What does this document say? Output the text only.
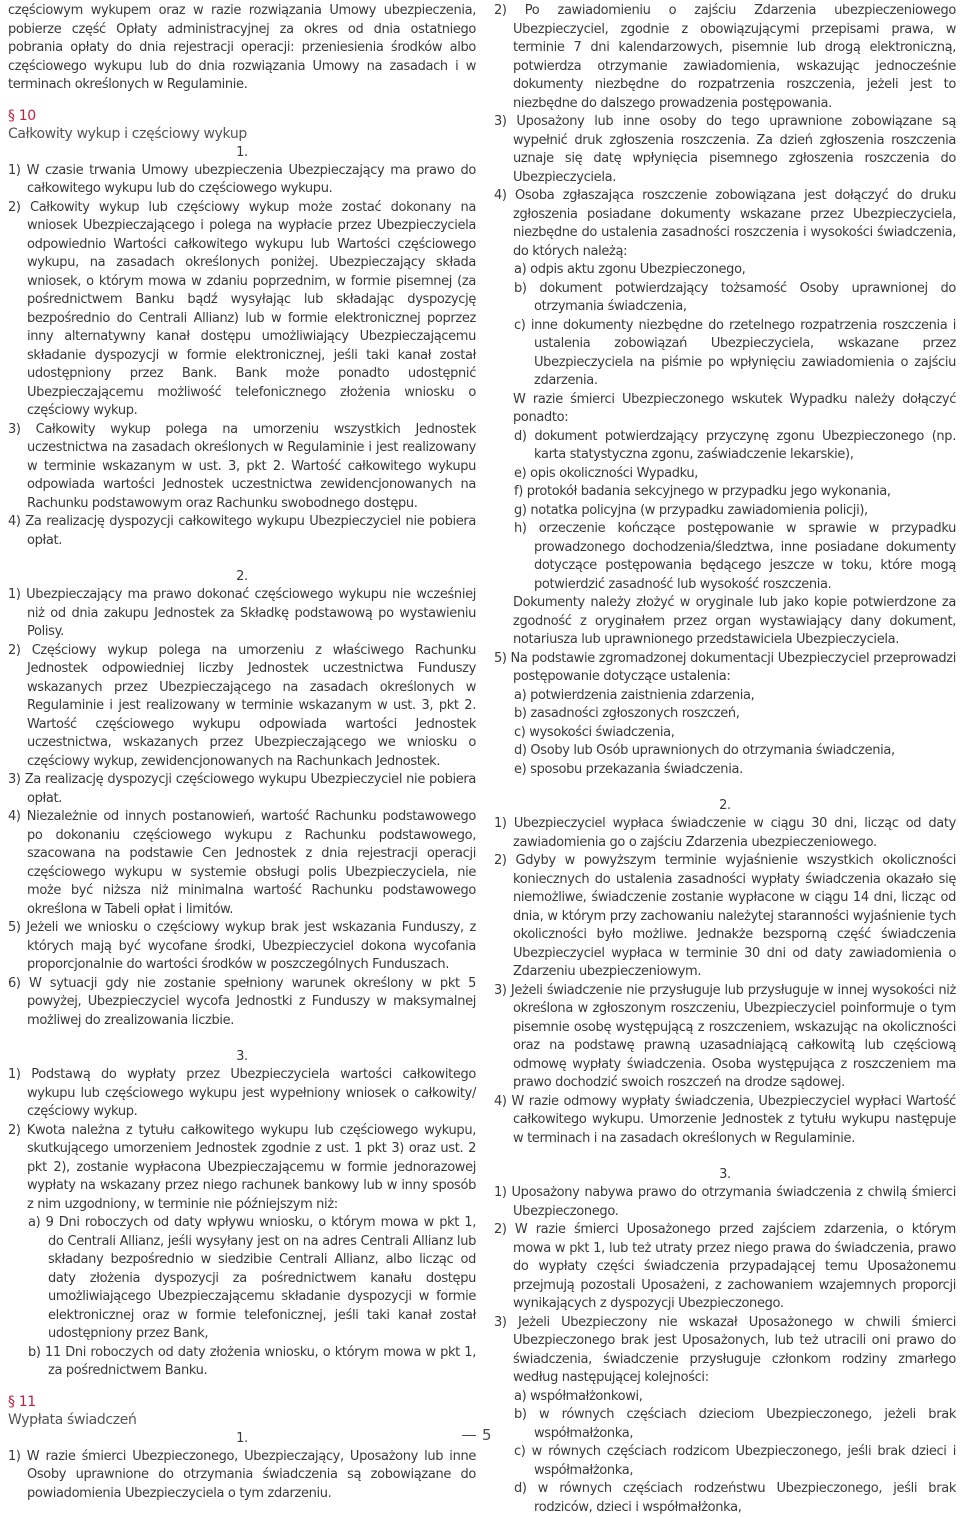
częściowym wykupem oraz w razie rozwiązania Umowy ubezpieczenia, pobierze część Opłaty administracyjnej za okres od dnia ostatniego pobrania opłaty do dnia rejestracji operacji: przeniesienia środków albo częściowego wykupu lub do dnia rozwiązania Umowy na zasadach i w terminach określonych w Regulaminie.

§ 10

Całkowity wykup i częściowy wykup

1.

1) W czasie trwania Umowy ubezpieczenia Ubezpieczający ma prawo do całkowitego wykupu lub do częściowego wykupu.

2) Całkowity wykup lub częściowy wykup może zostać dokonany na wniosek Ubezpieczającego i polega na wypłacie przez Ubezpieczyciela odpowiednio Wartości całkowitego wykupu lub Wartości częściowego wykupu, na zasadach określonych poniżej. Ubezpieczający składa wniosek, o którym mowa w zdaniu poprzednim, w formie pisemnej (za pośrednictwem Banku bądź wysyłając lub składając dyspozycję bezpośrednio do Centrali Allianz) lub w formie elektronicznej poprzez inny alternatywny kanał dostępu umożliwiający Ubezpieczającemu składanie dyspozycji w formie elektronicznej, jeśli taki kanał został udostępniony przez Bank. Bank może ponadto udostępnić Ubezpieczającemu możliwość telefonicznego złożenia wniosku o częściowy wykup.

3) Całkowity wykup polega na umorzeniu wszystkich Jednostek uczestnictwa na zasadach określonych w Regulaminie i jest realizowany w terminie wskazanym w ust. 3, pkt 2. Wartość całkowitego wykupu odpowiada wartości Jednostek uczestnictwa zewidencjonowanych na Rachunku podstawowym oraz Rachunku swobodnego dostępu.

4) Za realizację dyspozycji całkowitego wykupu Ubezpieczyciel nie pobiera opłat.

2.

1) Ubezpieczający ma prawo dokonać częściowego wykupu nie wcześniej niż od dnia zakupu Jednostek za Składkę podstawową po wystawieniu Polisy.

2) Częściowy wykup polega na umorzeniu z właściwego Rachunku Jednostek odpowiedniej liczby Jednostek uczestnictwa Funduszy wskazanych przez Ubezpieczającego na zasadach określonych w Regulaminie i jest realizowany w terminie wskazanym w ust. 3, pkt 2. Wartość częściowego wykupu odpowiada wartości Jednostek uczestnictwa, wskazanych przez Ubezpieczającego we wniosku o częściowy wykup, zewidencjonowanych na Rachunkach Jednostek.

3) Za realizację dyspozycji częściowego wykupu Ubezpieczyciel nie pobiera opłat.

4) Niezależnie od innych postanowień, wartość Rachunku podstawowego po dokonaniu częściowego wykupu z Rachunku podstawowego, szacowana na podstawie Cen Jednostek z dnia rejestracji operacji częściowego wykupu w systemie obsługi polis Ubezpieczyciela, nie może być niższa niż minimalna wartość Rachunku podstawowego określona w Tabeli opłat i limitów.

5) Jeżeli we wniosku o częściowy wykup brak jest wskazania Funduszy, z których mają być wycofane środki, Ubezpieczyciel dokona wycofania proporcjonalnie do wartości środków w poszczególnych Funduszach.

6) W sytuacji gdy nie zostanie spełniony warunek określony w pkt 5 powyżej, Ubezpieczyciel wycofa Jednostki z Funduszy w maksymalnej możliwej do zrealizowania liczbie.

3.

1) Podstawą do wypłaty przez Ubezpieczyciela wartości całkowitego wykupu lub częściowego wykupu jest wypełniony wniosek o całkowity/ częściowy wykup.

2) Kwota należna z tytułu całkowitego wykupu lub częściowego wykupu, skutkującego umorzeniem Jednostek zgodnie z ust. 1 pkt 3) oraz ust. 2 pkt 2), zostanie wypłacona Ubezpieczającemu w formie jednorazowej wypłaty na wskazany przez niego rachunek bankowy lub w inny sposób z nim uzgodniony, w terminie nie późniejszym niż:

a) 9 Dni roboczych od daty wpływu wniosku, o którym mowa w pkt 1, do Centrali Allianz, jeśli wysyłany jest on na adres Centrali Allianz lub składany bezpośrednio w siedzibie Centrali Allianz, albo licząc od daty złożenia dyspozycji za pośrednictwem kanału dostępu umożliwiającego Ubezpieczającemu składanie dyspozycji w formie elektronicznej oraz w formie telefonicznej, jeśli taki kanał został udostępniony przez Bank,

b) 11 Dni roboczych od daty złożenia wniosku, o którym mowa w pkt 1, za pośrednictwem Banku.

§ 11

Wypłata świadczeń

1.

1) W razie śmierci Ubezpieczonego, Ubezpieczający, Uposażony lub inne Osoby uprawnione do otrzymania świadczenia są zobowiązane do powiadomienia Ubezpieczyciela o tym zdarzeniu.

2) Po zawiadomieniu o zajściu Zdarzenia ubezpieczeniowego Ubezpieczyciel, zgodnie z obowiązującymi przepisami prawa, w terminie 7 dni kalendarzowych, pisemnie lub drogą elektroniczną, potwierdza otrzymanie zawiadomienia, wskazując jednocześnie dokumenty niezbędne do rozpatrzenia roszczenia, jeżeli jest to niezbędne do dalszego prowadzenia postępowania.

3) Uposażony lub inne osoby do tego uprawnione zobowiązane są wypełnić druk zgłoszenia roszczenia. Za dzień zgłoszenia roszczenia uznaje się datę wpłynięcia pisemnego zgłoszenia roszczenia do Ubezpieczyciela.

4) Osoba zgłaszająca roszczenie zobowiązana jest dołączyć do druku zgłoszenia posiadane dokumenty wskazane przez Ubezpieczyciela, niezbędne do ustalenia zasadności roszczenia i wysokości świadczenia, do których należą:

a) odpis aktu zgonu Ubezpieczonego,

b) dokument potwierdzający tożsamość Osoby uprawnionej do otrzymania świadczenia,

c) inne dokumenty niezbędne do rzetelnego rozpatrzenia roszczenia i ustalenia zobowiązań Ubezpieczyciela, wskazane przez Ubezpieczyciela na piśmie po wpłynięciu zawiadomienia o zajściu zdarzenia.

W razie śmierci Ubezpieczonego wskutek Wypadku należy dołączyć ponadto:

d) dokument potwierdzający przyczynę zgonu Ubezpieczonego (np. karta statystyczna zgonu, zaświadczenie lekarskie),

e) opis okoliczności Wypadku,

f) protokół badania sekcyjnego w przypadku jego wykonania,

g) notatka policyjna (w przypadku zawiadomienia policji),

h) orzeczenie kończące postępowanie w sprawie w przypadku prowadzonego dochodzenia/śledztwa, inne posiadane dokumenty dotyczące postępowania będącego jeszcze w toku, które mogą potwierdzić zasadność lub wysokość roszczenia.

Dokumenty należy złożyć w oryginale lub jako kopie potwierdzone za zgodność z oryginałem przez organ wystawiający dany dokument, notariusza lub uprawnionego przedstawiciela Ubezpieczyciela.

5) Na podstawie zgromadzonej dokumentacji Ubezpieczyciel przeprowadzi postępowanie dotyczące ustalenia:

a) potwierdzenia zaistnienia zdarzenia,

b) zasadności zgłoszonych roszczeń,

c) wysokości świadczenia,

d) Osoby lub Osób uprawnionych do otrzymania świadczenia,

e) sposobu przekazania świadczenia.

2.

1) Ubezpieczyciel wypłaca świadczenie w ciągu 30 dni, licząc od daty zawiadomienia go o zajściu Zdarzenia ubezpieczeniowego.

2) Gdyby w powyższym terminie wyjaśnienie wszystkich okoliczności koniecznych do ustalenia zasadności wypłaty świadczenia okazało się niemożliwe, świadczenie zostanie wypłacone w ciągu 14 dni, licząc od dnia, w którym przy zachowaniu należytej staranności wyjaśnienie tych okoliczności było możliwe. Jednakże bezsporną część świadczenia Ubezpieczyciel wypłaca w terminie 30 dni od daty zawiadomienia o Zdarzeniu ubezpieczeniowym.

3) Jeżeli świadczenie nie przysługuje lub przysługuje w innej wysokości niż określona w zgłoszonym roszczeniu, Ubezpieczyciel poinformuje o tym pisemnie osobę występującą z roszczeniem, wskazując na okoliczności oraz na podstawę prawną uzasadniającą całkowitą lub częściową odmowę wypłaty świadczenia. Osoba występująca z roszczeniem ma prawo dochodzić swoich roszczeń na drodze sądowej.

4) W razie odmowy wypłaty świadczenia, Ubezpieczyciel wypłaci Wartość całkowitego wykupu. Umorzenie Jednostek z tytułu wykupu następuje w terminach i na zasadach określonych w Regulaminie.

3.

1) Uposażony nabywa prawo do otrzymania świadczenia z chwilą śmierci Ubezpieczonego.

2) W razie śmierci Uposażonego przed zajściem zdarzenia, o którym mowa w pkt 1, lub też utraty przez niego prawa do świadczenia, prawo do wypłaty części świadczenia przypadającej temu Uposażonemu przejmują pozostali Uposażeni, z zachowaniem wzajemnych proporcji wynikających z dyspozycji Ubezpieczonego.

3) Jeżeli Ubezpieczony nie wskazał Uposażonego w chwili śmierci Ubezpieczonego brak jest Uposażonych, lub też utracili oni prawo do świadczenia, świadczenie przysługuje członkom rodziny zmarłego według następującej kolejności:

a) współmałżonkowi,

b) w równych częściach dzieciom Ubezpieczonego, jeżeli brak współmałżonka,

c) w równych częściach rodzicom Ubezpieczonego, jeśli brak dzieci i współmałżonka,

d) w równych częściach rodzeństwu Ubezpieczonego, jeśli brak rodziców, dzieci i współmałżonka,

5
